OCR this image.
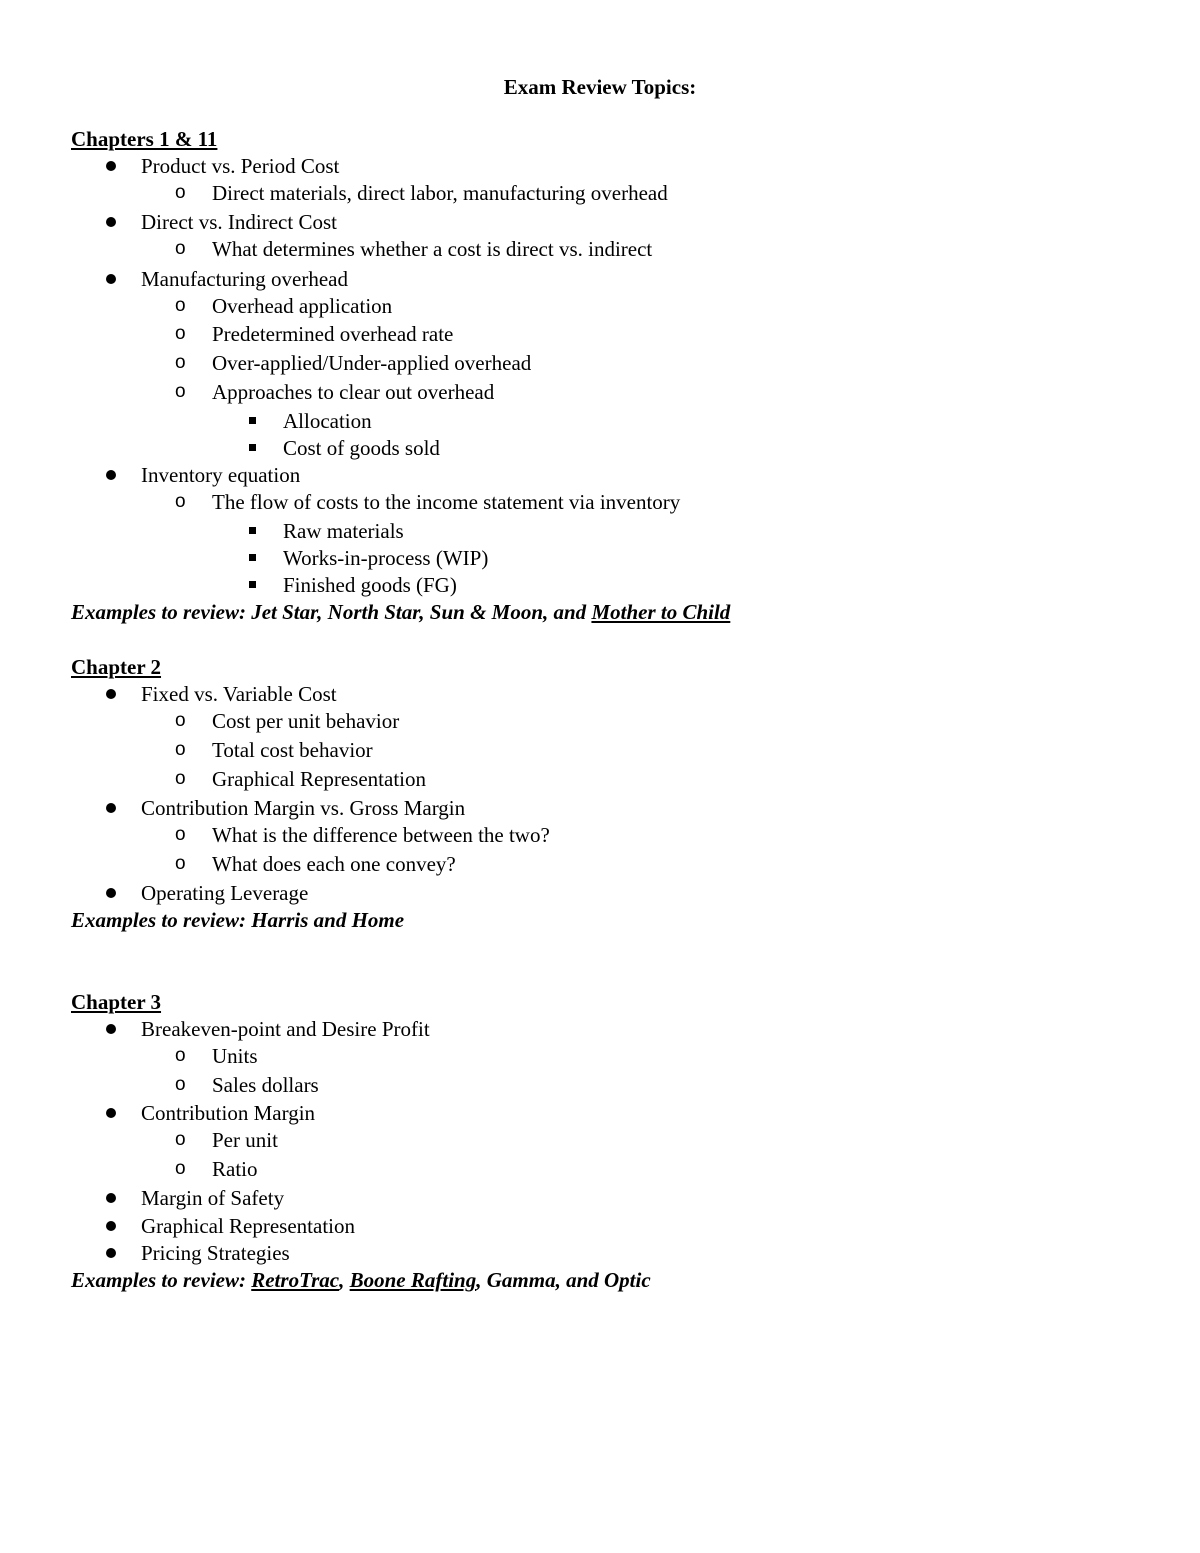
Exam Review Topics:
Chapters 1 & 11
Product vs. Period Cost
o Direct materials, direct labor, manufacturing overhead
Direct vs. Indirect Cost
o What determines whether a cost is direct vs. indirect
Manufacturing overhead
o Overhead application
o Predetermined overhead rate
o Over-applied/Under-applied overhead
o Approaches to clear out overhead
Allocation
Cost of goods sold
Inventory equation
o The flow of costs to the income statement via inventory
Raw materials
Works-in-process (WIP)
Finished goods (FG)
Examples to review: Jet Star, North Star, Sun & Moon, and Mother to Child
Chapter 2
Fixed vs. Variable Cost
o Cost per unit behavior
o Total cost behavior
o Graphical Representation
Contribution Margin vs. Gross Margin
o What is the difference between the two?
o What does each one convey?
Operating Leverage
Examples to review: Harris and Home
Chapter 3
Breakeven-point and Desire Profit
o Units
o Sales dollars
Contribution Margin
o Per unit
o Ratio
Margin of Safety
Graphical Representation
Pricing Strategies
Examples to review: RetroTrac, Boone Rafting, Gamma, and Optic
